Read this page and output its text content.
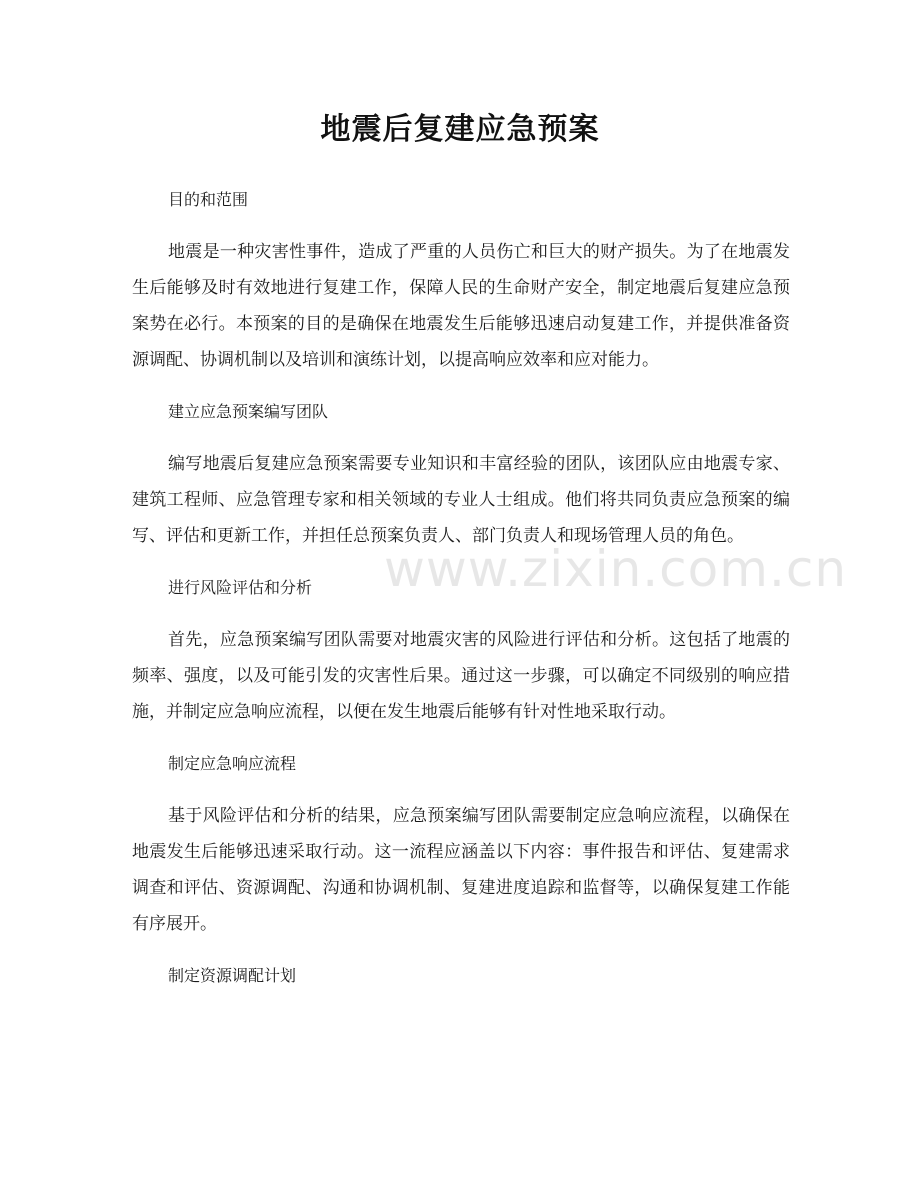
地震后复建应急预案
目的和范围

地震是一种灾害性事件，造成了严重的人员伤亡和巨大的财产损失。为了在地震发生后能够及时有效地进行复建工作，保障人民的生命财产安全，制定地震后复建应急预案势在必行。本预案的目的是确保在地震发生后能够迅速启动复建工作，并提供准备资源调配、协调机制以及培训和演练计划，以提高响应效率和应对能力。

建立应急预案编写团队

编写地震后复建应急预案需要专业知识和丰富经验的团队，该团队应由地震专家、建筑工程师、应急管理专家和相关领域的专业人士组成。他们将共同负责应急预案的编写、评估和更新工作，并担任总预案负责人、部门负责人和现场管理人员的角色。

进行风险评估和分析

首先，应急预案编写团队需要对地震灾害的风险进行评估和分析。这包括了地震的频率、强度，以及可能引发的灾害性后果。通过这一步骤，可以确定不同级别的响应措施，并制定应急响应流程，以便在发生地震后能够有针对性地采取行动。

制定应急响应流程

基于风险评估和分析的结果，应急预案编写团队需要制定应急响应流程，以确保在地震发生后能够迅速采取行动。这一流程应涵盖以下内容：事件报告和评估、复建需求调查和评估、资源调配、沟通和协调机制、复建进度追踪和监督等，以确保复建工作能有序展开。

制定资源调配计划
www.zixin.com.cn
